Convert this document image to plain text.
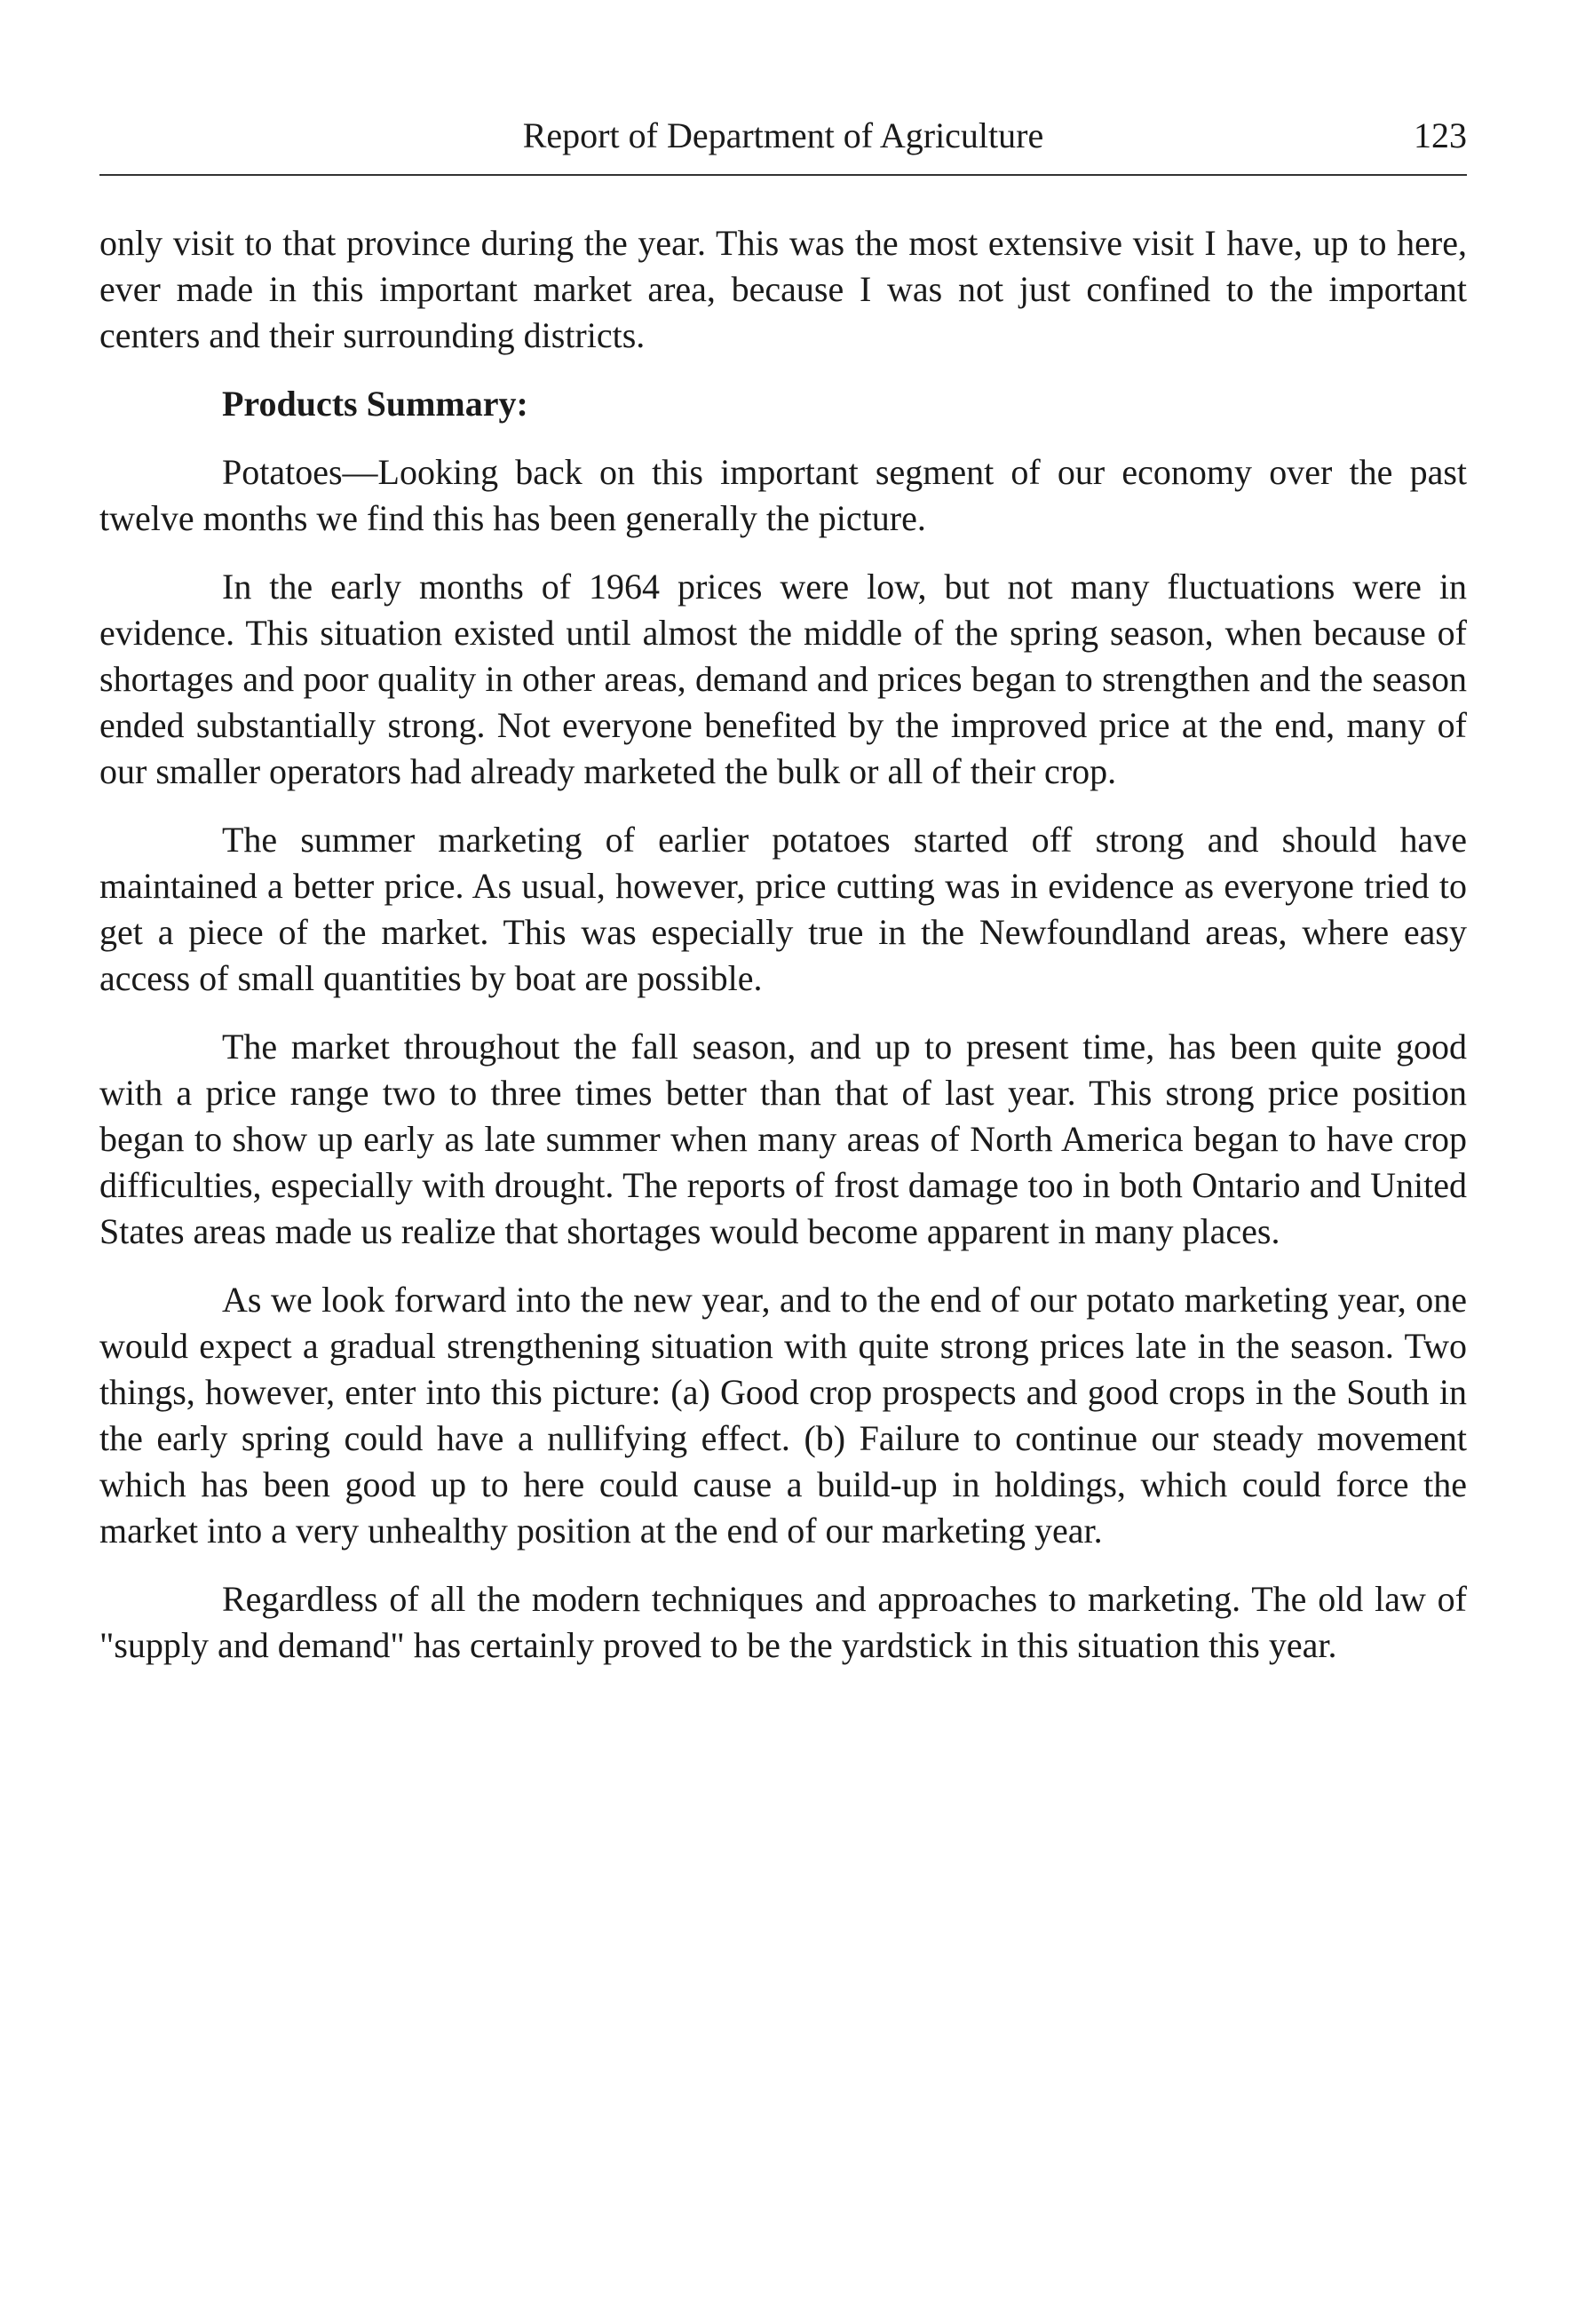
Report of Department of Agriculture	123

only visit to that province during the year. This was the most extensive visit I have, up to here, ever made in this important market area, because I was not just confined to the important centers and their surrounding districts.

Products Summary:

Potatoes—Looking back on this important segment of our economy over the past twelve months we find this has been generally the picture.

In the early months of 1964 prices were low, but not many fluctuations were in evidence. This situation existed until almost the middle of the spring season, when because of shortages and poor quality in other areas, demand and prices began to strengthen and the season ended substantially strong. Not everyone benefited by the improved price at the end, many of our smaller operators had already marketed the bulk or all of their crop.

The summer marketing of earlier potatoes started off strong and should have maintained a better price. As usual, however, price cutting was in evidence as everyone tried to get a piece of the market. This was especially true in the Newfoundland areas, where easy access of small quantities by boat are possible.

The market throughout the fall season, and up to present time, has been quite good with a price range two to three times better than that of last year. This strong price position began to show up early as late summer when many areas of North America began to have crop difficulties, especially with drought. The reports of frost damage too in both Ontario and United States areas made us realize that shortages would become apparent in many places.

As we look forward into the new year, and to the end of our potato marketing year, one would expect a gradual strengthening situation with quite strong prices late in the season. Two things, however, enter into this picture: (a) Good crop prospects and good crops in the South in the early spring could have a nullifying effect. (b) Failure to continue our steady movement which has been good up to here could cause a build-up in holdings, which could force the market into a very unhealthy position at the end of our marketing year.

Regardless of all the modern techniques and approaches to marketing. The old law of "supply and demand" has certainly proved to be the yardstick in this situation this year.
